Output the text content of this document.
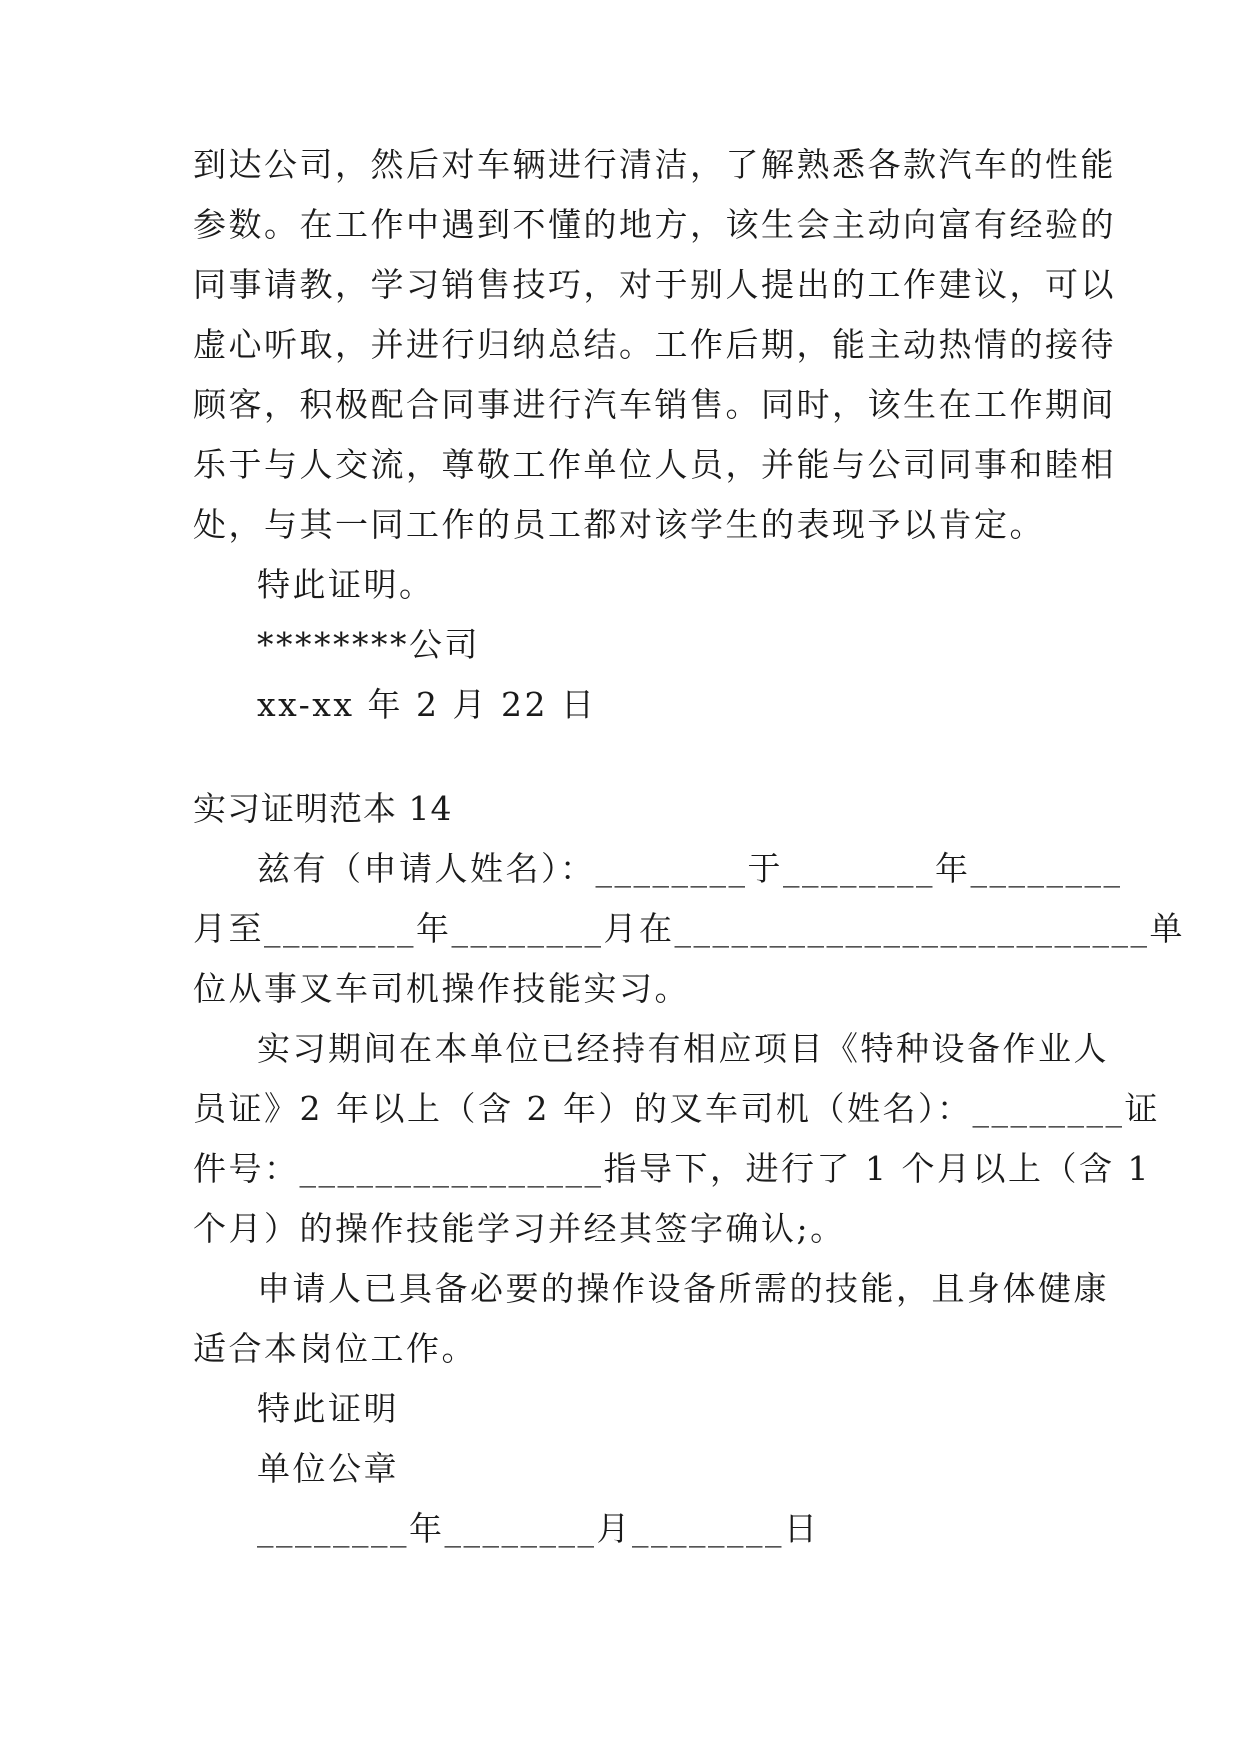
到达公司，然后对车辆进行清洁，了解熟悉各款汽车的性能
参数。在工作中遇到不懂的地方，该生会主动向富有经验的
同事请教，学习销售技巧，对于别人提出的工作建议，可以
虚心听取，并进行归纳总结。工作后期，能主动热情的接待
顾客，积极配合同事进行汽车销售。同时，该生在工作期间
乐于与人交流，尊敬工作单位人员，并能与公司同事和睦相
处，与其一同工作的员工都对该学生的表现予以肯定。
特此证明。
********公司
xx-xx 年 2 月 22 日
实习证明范本 14
兹有（申请人姓名）：________于________年________
月至________年________月在_________________________单
位从事叉车司机操作技能实习。
实习期间在本单位已经持有相应项目《特种设备作业人
员证》2 年以上（含 2 年）的叉车司机（姓名）：________证
件号：________________指导下，进行了 1 个月以上（含 1
个月）的操作技能学习并经其签字确认;。
申请人已具备必要的操作设备所需的技能，且身体健康
适合本岗位工作。
特此证明
单位公章
________年________月________日
